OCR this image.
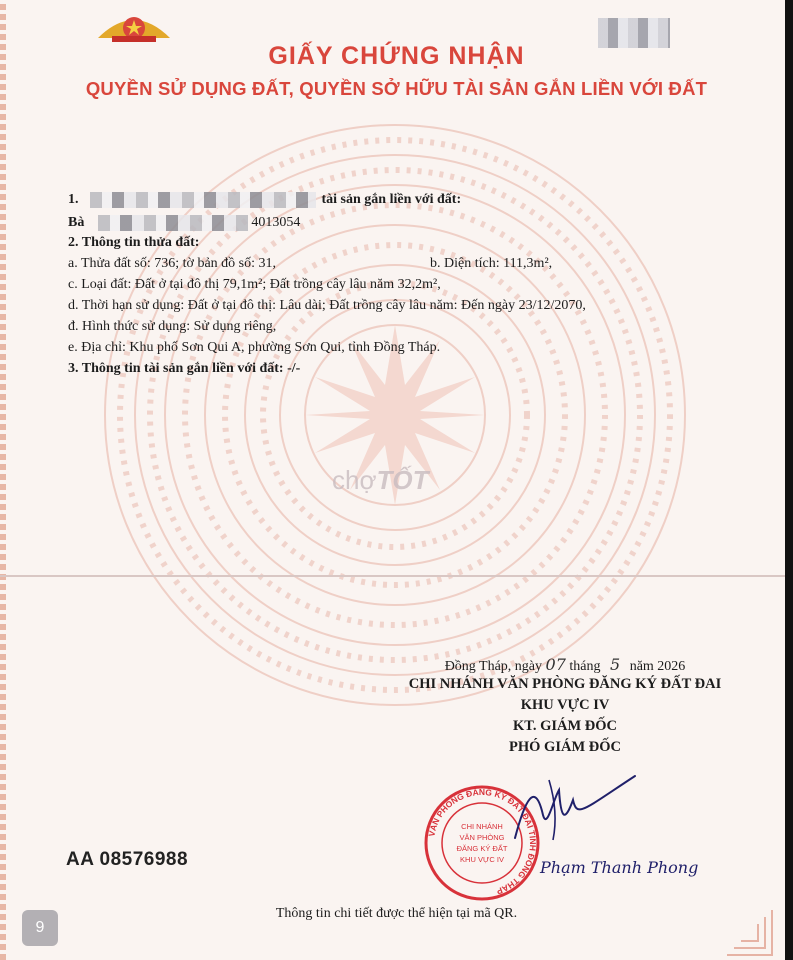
GIẤY CHỨNG NHẬN
QUYỀN SỬ DỤNG ĐẤT, QUYỀN SỞ HỮU TÀI SẢN GẮN LIỀN VỚI ĐẤT
1.	tài sản gắn liền với đất:
Bà	4013054
2. Thông tin thửa đất:
a. Thửa đất số: 736; tờ bản đồ số: 31,	b. Diện tích: 111,3m²,
c. Loại đất: Đất ở tại đô thị 79,1m²; Đất trồng cây lâu năm 32,2m²,
d. Thời hạn sử dụng: Đất ở tại đô thị: Lâu dài; Đất trồng cây lâu năm: Đến ngày 23/12/2070,
đ. Hình thức sử dụng: Sử dụng riêng,
e. Địa chỉ: Khu phố Sơn Qui A, phường Sơn Qui, tỉnh Đồng Tháp.
3. Thông tin tài sản gắn liền với đất: -/-
chợTỐT
Đồng Tháp, ngày 07 tháng 5 năm 2026
CHI NHÁNH VĂN PHÒNG ĐĂNG KÝ ĐẤT ĐAI
KHU VỰC IV
KT. GIÁM ĐỐC
PHÓ GIÁM ĐỐC
VĂN PHÒNG ĐĂNG KÝ ĐẤT ĐAI TỈNH ĐỒNG THÁP
CHI NHÁNH
VĂN PHÒNG
ĐĂNG KÝ ĐẤT
KHU VỰC IV Phạm Thanh Phong
AA 08576988
Thông tin chi tiết được thể hiện tại mã QR.
9
